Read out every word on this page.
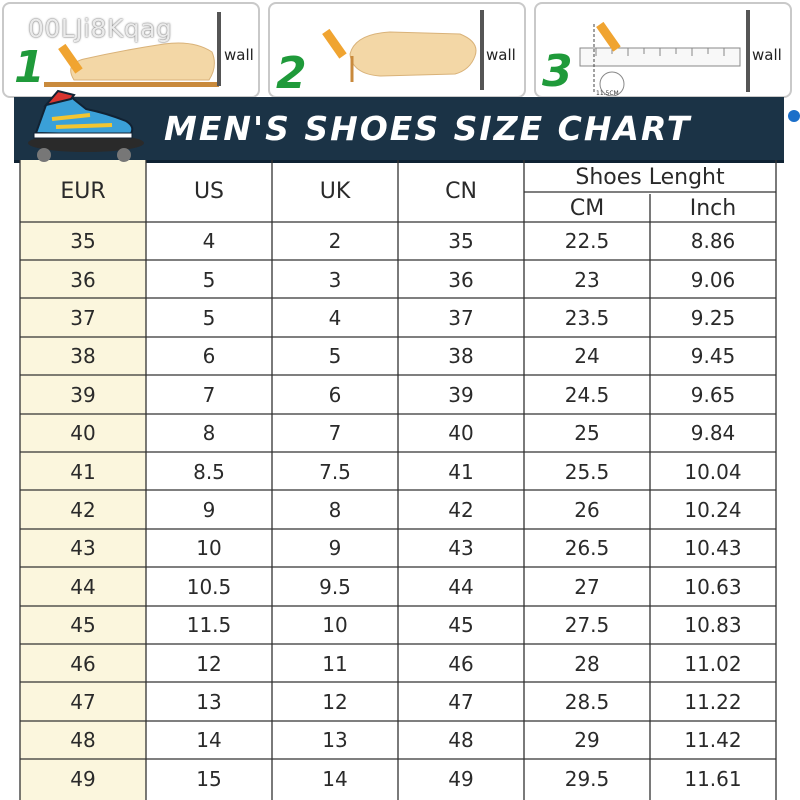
1	wall 2	wall 3	wall
11.5CM
00LJi8Kqag
MEN'S SHOES SIZE CHART
EUR	US	UK	CN
Shoes Lenght
CM	Inch
35	4	2	35	22.5	8.86
36	5	3	36	23	9.06
37	5	4	37	23.5	9.25
38	6	5	38	24	9.45
39	7	6	39	24.5	9.65
40	8	7	40	25	9.84
41	8.5	7.5	41	25.5	10.04
42	9	8	42	26	10.24
43	10	9	43	26.5	10.43
44	10.5	9.5	44	27	10.63
45	11.5	10	45	27.5	10.83
46	12	11	46	28	11.02
47	13	12	47	28.5	11.22
48	14	13	48	29	11.42
49	15	14	49	29.5	11.61
